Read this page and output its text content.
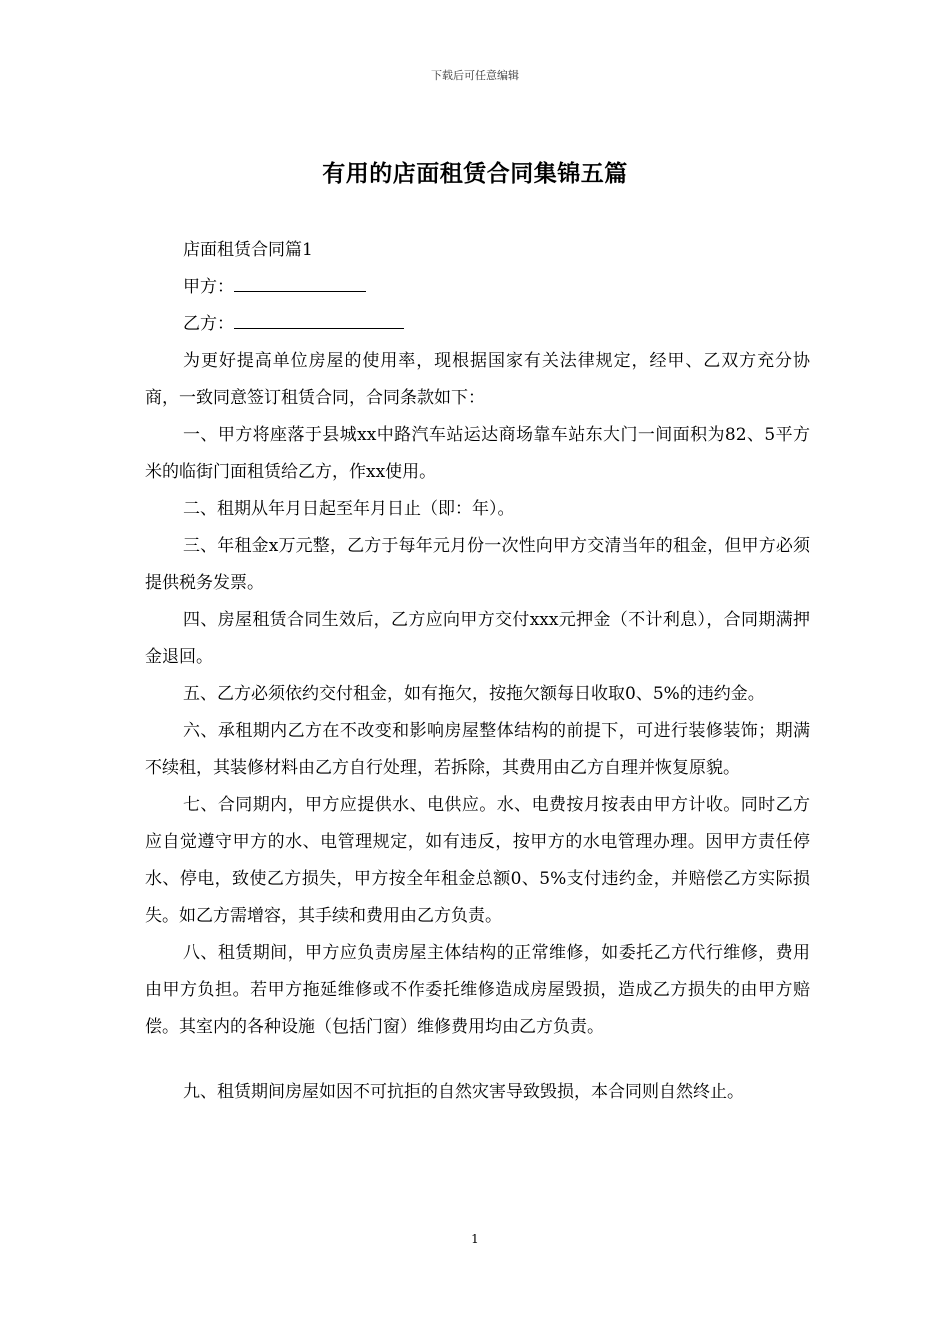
下载后可任意编辑
有用的店面租赁合同集锦五篇

店面租赁合同篇1

甲方：

乙方：

为更好提高单位房屋的使用率，现根据国家有关法律规定，经甲、乙双方充分协商，一致同意签订租赁合同，合同条款如下：

一、甲方将座落于县城xx中路汽车站运达商场靠车站东大门一间面积为82、5平方米的临街门面租赁给乙方，作xx使用。

二、租期从年月日起至年月日止（即：年）。

三、年租金x万元整，乙方于每年元月份一次性向甲方交清当年的租金，但甲方必须提供税务发票。

四、房屋租赁合同生效后，乙方应向甲方交付xxx元押金（不计利息），合同期满押金退回。

五、乙方必须依约交付租金，如有拖欠，按拖欠额每日收取0、5%的违约金。

六、承租期内乙方在不改变和影响房屋整体结构的前提下，可进行装修装饰；期满不续租，其装修材料由乙方自行处理，若拆除，其费用由乙方自理并恢复原貌。

七、合同期内，甲方应提供水、电供应。水、电费按月按表由甲方计收。同时乙方应自觉遵守甲方的水、电管理规定，如有违反，按甲方的水电管理办理。因甲方责任停水、停电，致使乙方损失，甲方按全年租金总额0、5%支付违约金，并赔偿乙方实际损失。如乙方需增容，其手续和费用由乙方负责。

八、租赁期间，甲方应负责房屋主体结构的正常维修，如委托乙方代行维修，费用由甲方负担。若甲方拖延维修或不作委托维修造成房屋毁损，造成乙方损失的由甲方赔偿。其室内的各种设施（包括门窗）维修费用均由乙方负责。

九、租赁期间房屋如因不可抗拒的自然灾害导致毁损，本合同则自然终止。

1
